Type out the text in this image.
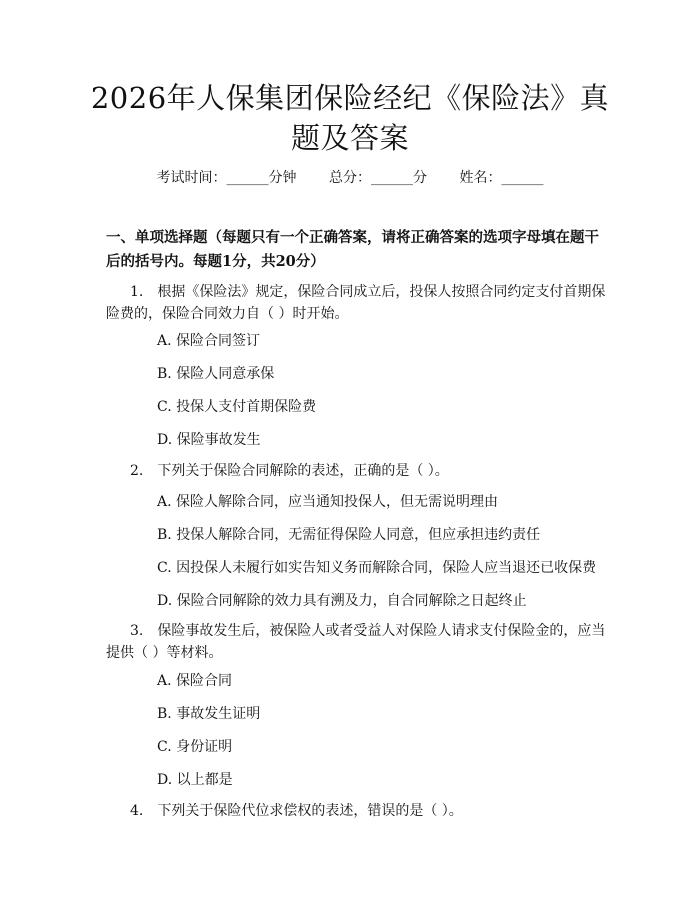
2026年人保集团保险经纪《保险法》真题及答案
考试时间：______分钟 总分：______分 姓名：______
一、单项选择题（每题只有一个正确答案，请将正确答案的选项字母填在题干后的括号内。每题1分，共20分）
1.　根据《保险法》规定，保险合同成立后，投保人按照合同约定支付首期保险费的，保险合同效力自（ ）时开始。
A. 保险合同签订
B. 保险人同意承保
C. 投保人支付首期保险费
D. 保险事故发生
2.　下列关于保险合同解除的表述，正确的是（ ）。
A. 保险人解除合同，应当通知投保人，但无需说明理由
B. 投保人解除合同，无需征得保险人同意，但应承担违约责任
C. 因投保人未履行如实告知义务而解除合同，保险人应当退还已收保费
D. 保险合同解除的效力具有溯及力，自合同解除之日起终止
3.　保险事故发生后，被保险人或者受益人对保险人请求支付保险金的，应当提供（ ）等材料。
A. 保险合同
B. 事故发生证明
C. 身份证明
D. 以上都是
4.　下列关于保险代位求偿权的表述，错误的是（ ）。
